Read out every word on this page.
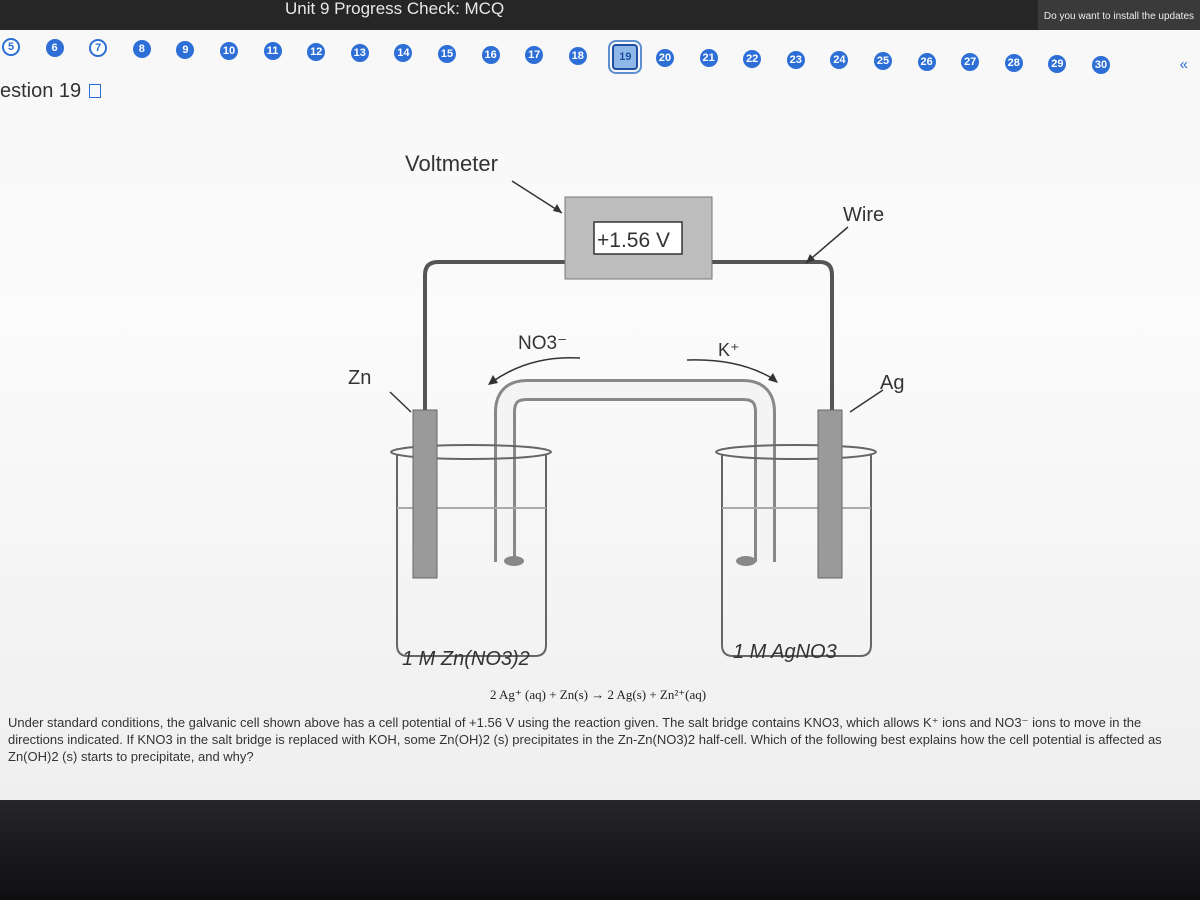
Unit 9 Progress Check: MCQ	Do you want to install the updates
5	6	7	8	9	10	11	12	13	14	15	16	17	18	19	20	21	22	23	24	25	26	27	28	29	30	«
estion 19
Voltmeter
+1.56 V
Wire
NO3⁻	K⁺
Zn	Ag
1 M Zn(NO3)2	1 M AgNO3
2 Ag⁺ (aq) + Zn(s) → 2 Ag(s) + Zn²⁺(aq)
Under standard conditions, the galvanic cell shown above has a cell potential of +1.56 V using the reaction given. The salt bridge contains KNO3, which allows K⁺ ions and NO3⁻ ions to move in the directions indicated. If KNO3 in the salt bridge is replaced with KOH, some Zn(OH)2 (s) precipitates in the Zn-Zn(NO3)2 half-cell. Which of the following best explains how the cell potential is affected as Zn(OH)2 (s) starts to precipitate, and why?
